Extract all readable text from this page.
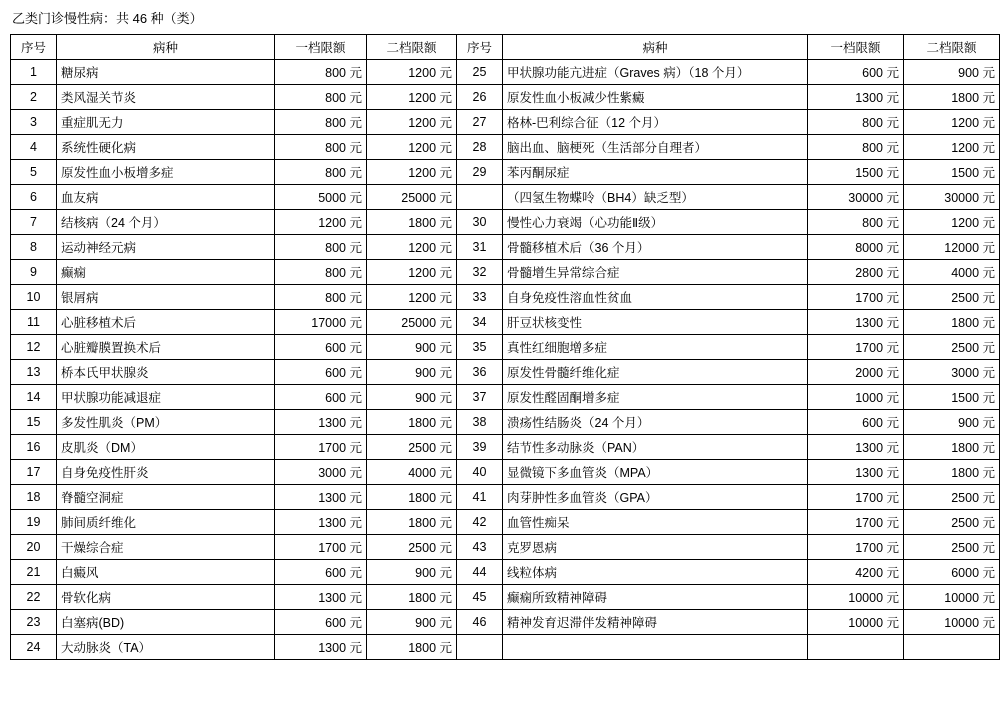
乙类门诊慢性病：共 46 种（类）
序号	病种	一档限额	二档限额	序号	病种	一档限额	二档限额
1	糖尿病	800 元	1200 元	25	甲状腺功能亢进症（Graves 病）（18 个月）	600 元	900 元
2	类风湿关节炎	800 元	1200 元	26	原发性血小板减少性紫癜	1300 元	1800 元
3	重症肌无力	800 元	1200 元	27	格林-巴利综合征（12 个月）	800 元	1200 元
4	系统性硬化病	800 元	1200 元	28	脑出血、脑梗死（生活部分自理者）	800 元	1200 元
5	原发性血小板增多症	800 元	1200 元	29	苯丙酮尿症	1500 元	1500 元
6	血友病	5000 元	25000 元		（四氢生物蝶呤（BH4）缺乏型）	30000 元	30000 元
7	结核病（24 个月）	1200 元	1800 元	30	慢性心力衰竭（心功能Ⅱ级）	800 元	1200 元
8	运动神经元病	800 元	1200 元	31	骨髓移植术后（36 个月）	8000 元	12000 元
9	癫痫	800 元	1200 元	32	骨髓增生异常综合症	2800 元	4000 元
10	银屑病	800 元	1200 元	33	自身免疫性溶血性贫血	1700 元	2500 元
11	心脏移植术后	17000 元	25000 元	34	肝豆状核变性	1300 元	1800 元
12	心脏瓣膜置换术后	600 元	900 元	35	真性红细胞增多症	1700 元	2500 元
13	桥本氏甲状腺炎	600 元	900 元	36	原发性骨髓纤维化症	2000 元	3000 元
14	甲状腺功能减退症	600 元	900 元	37	原发性醛固酮增多症	1000 元	1500 元
15	多发性肌炎（PM）	1300 元	1800 元	38	溃疡性结肠炎（24 个月）	600 元	900 元
16	皮肌炎（DM）	1700 元	2500 元	39	结节性多动脉炎（PAN）	1300 元	1800 元
17	自身免疫性肝炎	3000 元	4000 元	40	显微镜下多血管炎（MPA）	1300 元	1800 元
18	脊髓空洞症	1300 元	1800 元	41	肉芽肿性多血管炎（GPA）	1700 元	2500 元
19	肺间质纤维化	1300 元	1800 元	42	血管性痴呆	1700 元	2500 元
20	干燥综合症	1700 元	2500 元	43	克罗恩病	1700 元	2500 元
21	白癜风	600 元	900 元	44	线粒体病	4200 元	6000 元
22	骨软化病	1300 元	1800 元	45	癫痫所致精神障碍	10000 元	10000 元
23	白塞病(BD)	600 元	900 元	46	精神发育迟滞伴发精神障碍	10000 元	10000 元
24	大动脉炎（TA）	1300 元	1800 元				
